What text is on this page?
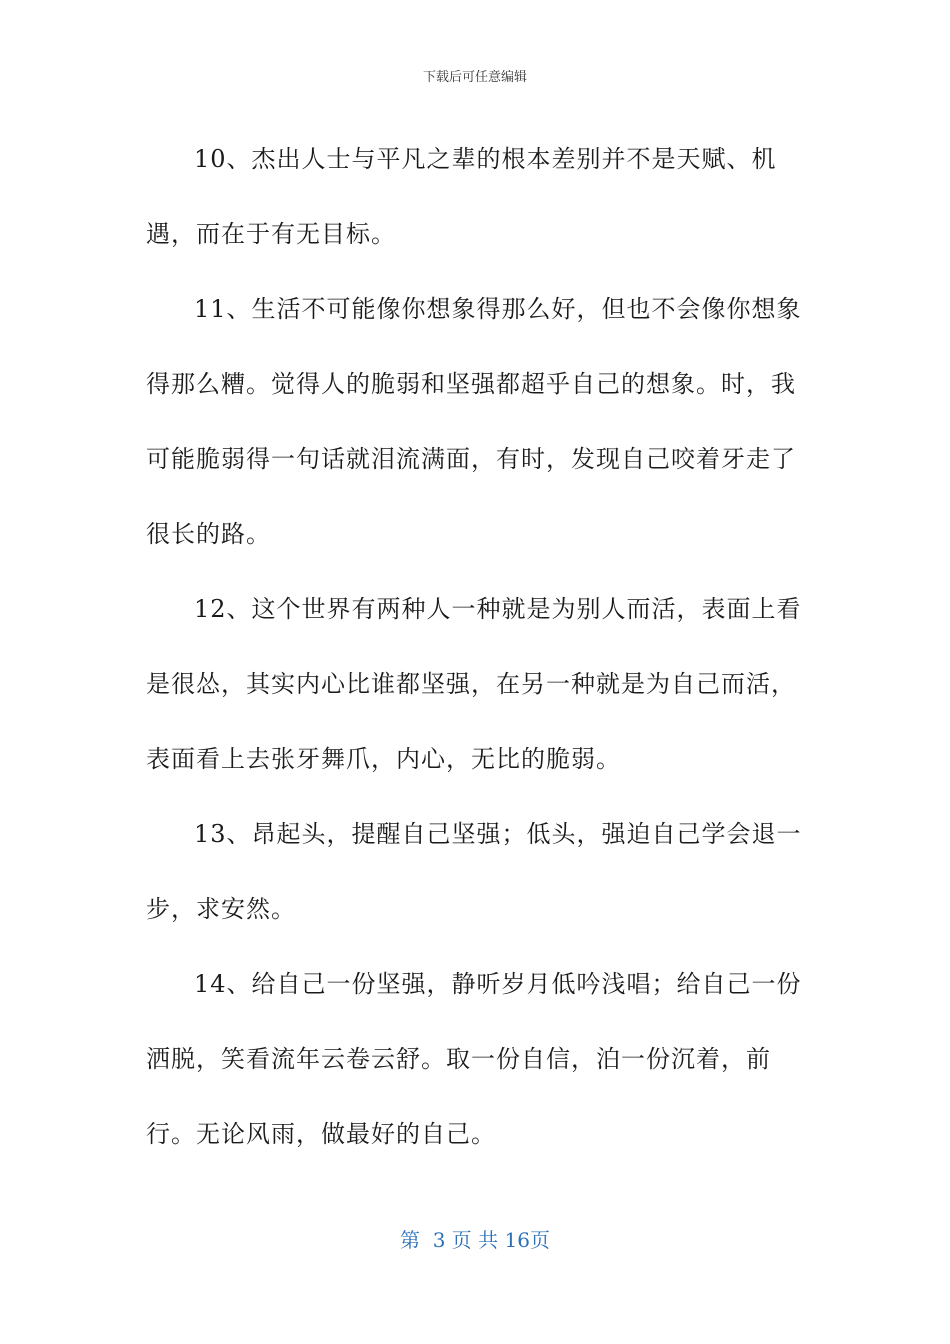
下载后可任意编辑

10、杰出人士与平凡之辈的根本差别并不是天赋、机遇，而在于有无目标。

11、生活不可能像你想象得那么好，但也不会像你想象得那么糟。觉得人的脆弱和坚强都超乎自己的想象。时，我可能脆弱得一句话就泪流满面，有时，发现自己咬着牙走了很长的路。

12、这个世界有两种人一种就是为别人而活，表面上看是很怂，其实内心比谁都坚强，在另一种就是为自己而活，表面看上去张牙舞爪，内心，无比的脆弱。

13、昂起头，提醒自己坚强；低头，强迫自己学会退一步，求安然。

14、给自己一份坚强，静听岁月低吟浅唱；给自己一份洒脱，笑看流年云卷云舒。取一份自信，泊一份沉着，前行。无论风雨，做最好的自己。

第  3 页 共 16页
